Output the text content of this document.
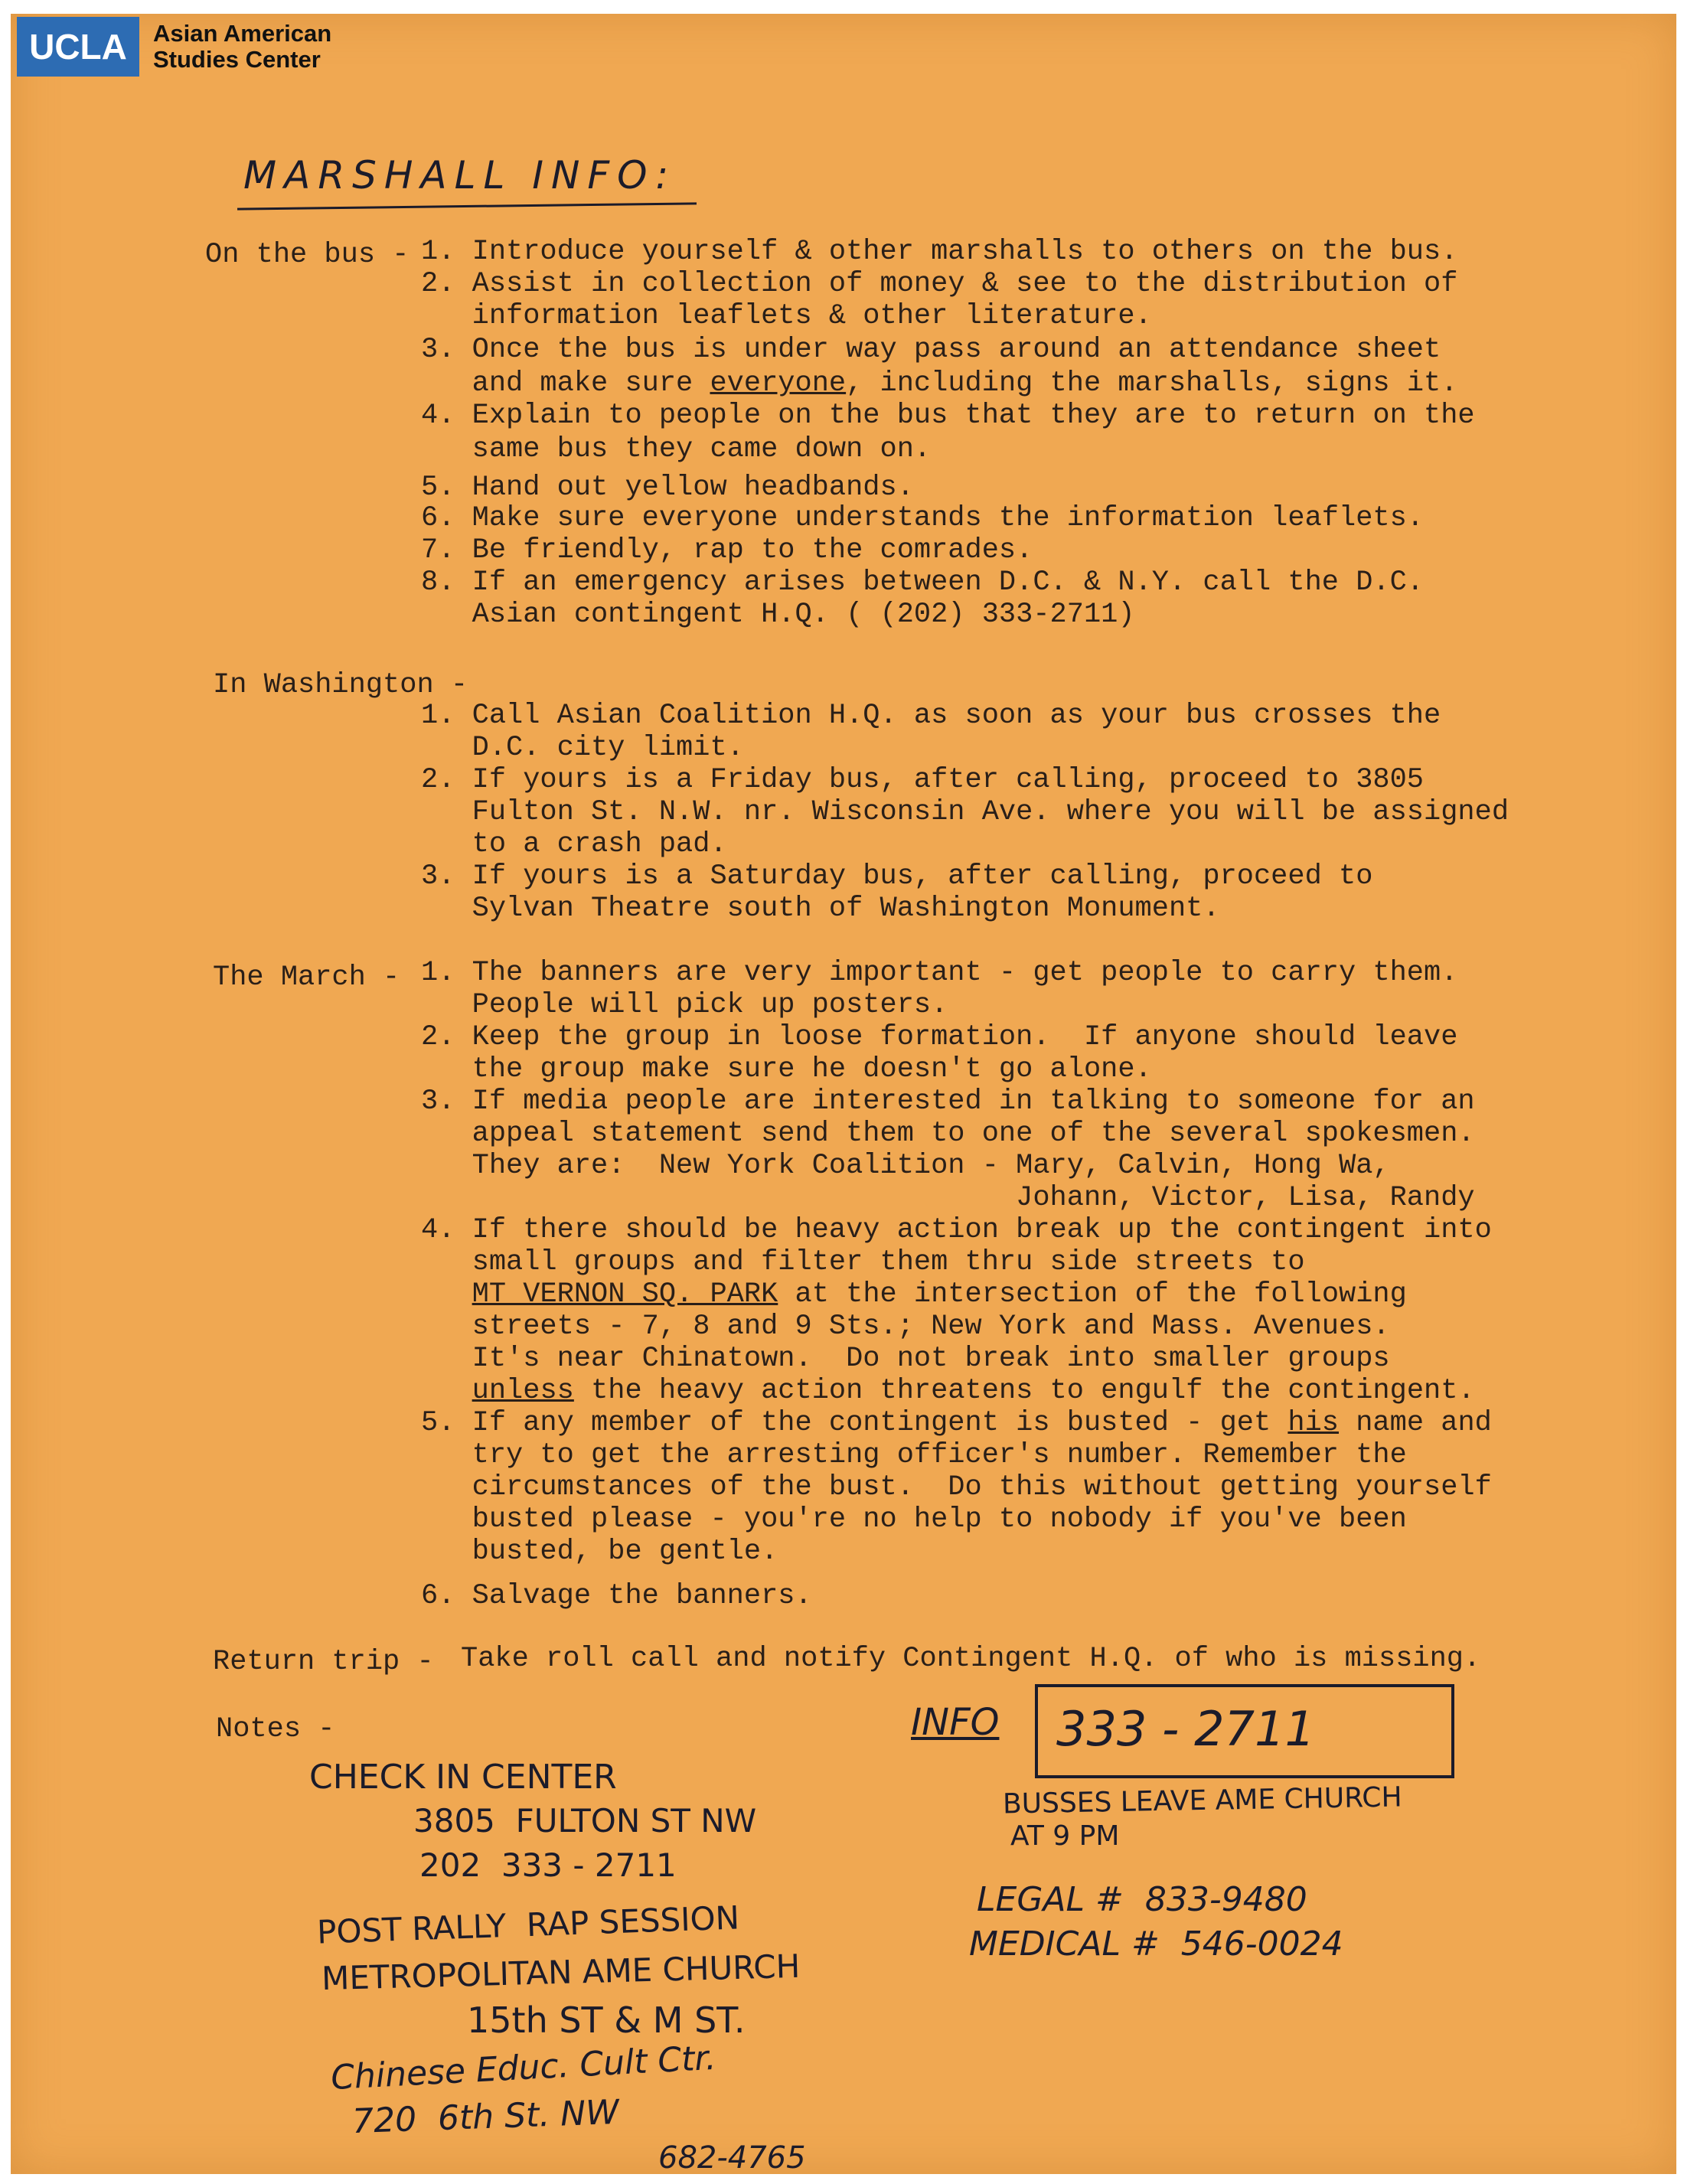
UCLA	Asian American
Studies Center
MARSHALL INFO:
On the bus - 1. Introduce yourself & other marshalls to others on the bus.
2. Assist in collection of money & see to the distribution of
information leaflets & other literature.
3. Once the bus is under way pass around an attendance sheet
and make sure everyone, including the marshalls, signs it.
4. Explain to people on the bus that they are to return on the
same bus they came down on.
5. Hand out yellow headbands.
6. Make sure everyone understands the information leaflets.
7. Be friendly, rap to the comrades.
8. If an emergency arises between D.C. & N.Y. call the D.C.
Asian contingent H.Q. ( (202) 333-2711)
In Washington -
1. Call Asian Coalition H.Q. as soon as your bus crosses the
D.C. city limit.
2. If yours is a Friday bus, after calling, proceed to 3805
Fulton St. N.W. nr. Wisconsin Ave. where you will be assigned
to a crash pad.
3. If yours is a Saturday bus, after calling, proceed to
Sylvan Theatre south of Washington Monument.
The March - 1. The banners are very important - get people to carry them.
People will pick up posters.
2. Keep the group in loose formation.  If anyone should leave
the group make sure he doesn't go alone.
3. If media people are interested in talking to someone for an
appeal statement send them to one of the several spokesmen.
They are:  New York Coalition - Mary, Calvin, Hong Wa,
Johann, Victor, Lisa, Randy
4. If there should be heavy action break up the contingent into
small groups and filter them thru side streets to
MT VERNON SQ. PARK at the intersection of the following
streets - 7, 8 and 9 Sts.; New York and Mass. Avenues.
It's near Chinatown.  Do not break into smaller groups
unless the heavy action threatens to engulf the contingent.
5. If any member of the contingent is busted - get his name and
try to get the arresting officer's number. Remember the
circumstances of the bust.  Do this without getting yourself
busted please - you're no help to nobody if you've been
busted, be gentle.
6. Salvage the banners.
Return trip - Take roll call and notify Contingent H.Q. of who is missing.
Notes -
CHECK IN CENTER
3805  FULTON ST NW
202  333 - 2711
POST RALLY  RAP SESSION
METROPOLITAN AME CHURCH
15th ST & M ST.
Chinese Educ. Cult Ctr.
720  6th St. NW
682-4765
INFO 333 - 2711
BUSSES LEAVE AME CHURCH
AT 9 PM
LEGAL #  833-9480
MEDICAL #  546-0024
